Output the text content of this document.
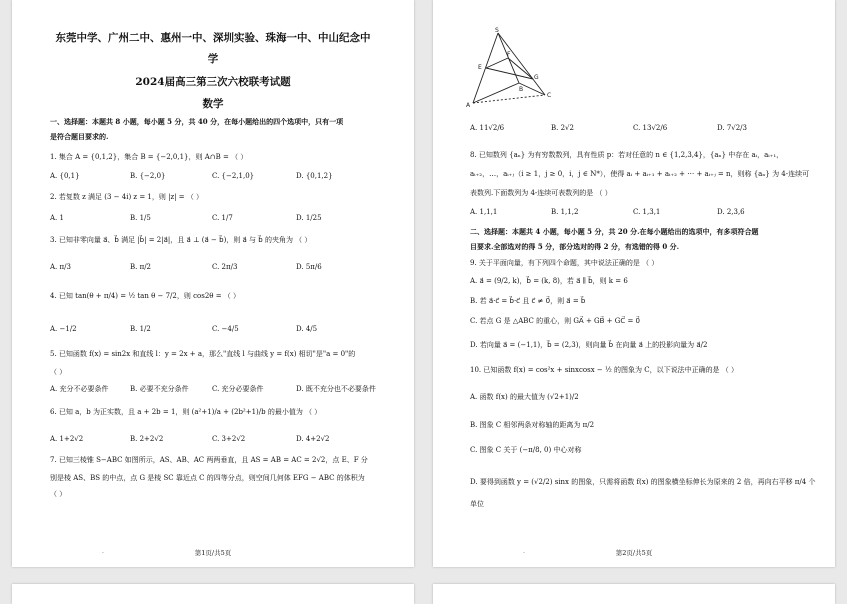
东莞中学、广州二中、惠州一中、深圳实验、珠海一中、中山纪念中
学
2024届高三第三次六校联考试题
数学
一、选择题：本题共 8 小题，每小题 5 分，共 40 分，在每小题给出的四个选项中，只有一项
是符合题目要求的.
1. 集合 A = {0,1,2}，集合 B = {−2,0,1}，则 A∩B = （ ）
A. {0,1}	B. {−2,0}	C. {−2,1,0}	D. {0,1,2}
2. 若复数 z 满足 (3 − 4i) z = 1，则 |z| = （ ）
A. 1	B. 1/5	C. 1/7	D. 1/25
3. 已知非零向量 a⃗、b⃗ 满足 |b⃗| = 2|a⃗|，且 a⃗ ⊥ (a⃗ − b⃗)，则 a⃗ 与 b⃗ 的夹角为 （ ）
A. π/3	B. π/2	C. 2π/3	D. 5π/6
4. 已知 tan(θ + π/4) = ½ tan θ − 7/2，则 cos2θ = （ ）
A. −1/2	B. 1/2	C. −4/5	D. 4/5
5. 已知函数 f(x) = sin2x 和直线 l：y = 2x + a，那么"直线 l 与曲线 y = f(x) 相切"是"a = 0"的
（ ）
A. 充分不必要条件	B. 必要不充分条件	C. 充分必要条件	D. 既不充分也不必要条件
6. 已知 a，b 为正实数，且 a + 2b = 1，则 (a²+1)/a + (2b²+1)/b 的最小值为 （ ）
A. 1+2√2	B. 2+2√2	C. 3+2√2	D. 4+2√2
7. 已知三棱锥 S−ABC 如图所示，AS、AB、AC 两两垂直，且 AS = AB = AC = 2√2，点 E、F 分
别是棱 AS、BS 的中点，点 G 是棱 SC 靠近点 C 的四等分点，则空间几何体 EFG − ABC 的体积为
（ ）
.	第1页/共5页
S
E
F
G
A
B
C
A. 11√2/6	B. 2√2	C. 13√2/6	D. 7√2/3
8. 已知数列 {aₙ} 为有穷数数列，具有性质 p：若对任意的 n ∈ {1,2,3,4}，{aₙ} 中存在 aᵢ，aᵢ₊₁，
aᵢ₊₂，…，aᵢ₊ⱼ（i ≥ 1，j ≥ 0，i，j ∈ N*），使得 aᵢ + aᵢ₊₁ + aᵢ₊₂ + ⋯ + aᵢ₊ⱼ = n，则称 {aₙ} 为 4-连续可
表数列.下面数列为 4-连续可表数列的是 （ ）
A. 1,1,1	B. 1,1,2	C. 1,3,1	D. 2,3,6
二、选择题：本题共 4 小题，每小题 5 分，共 20 分.在每小题给出的选项中，有多项符合题
目要求.全部选对的得 5 分，部分选对的得 2 分，有选错的得 0 分.
9. 关于平面向量，有下列四个命题，其中说法正确的是 （ ）
A. a⃗ = (9/2, k)，b⃗ = (k, 8)，若 a⃗ ∥ b⃗，则 k = 6
B. 若 a⃗·c⃗ = b⃗·c⃗ 且 c⃗ ≠ 0⃗，则 a⃗ = b⃗
C. 若点 G 是 △ABC 的重心，则 GA⃗ + GB⃗ + GC⃗ = 0⃗
D. 若向量 a⃗ = (−1,1)，b⃗ = (2,3)，则向量 b⃗ 在向量 a⃗ 上的投影向量为 a⃗/2
10. 已知函数 f(x) = cos²x + sinxcosx − ½ 的图象为 C，以下说法中正确的是 （ ）
A. 函数 f(x) 的最大值为 (√2+1)/2
B. 图象 C 相邻两条对称轴的距离为 π/2
C. 图象 C 关于 (−π/8, 0) 中心对称
D. 要得到函数 y = (√2/2) sinx 的图象，只需将函数 f(x) 的图象横坐标伸长为原来的 2 倍，再向右平移 π/4 个
单位
.	第2页/共5页
